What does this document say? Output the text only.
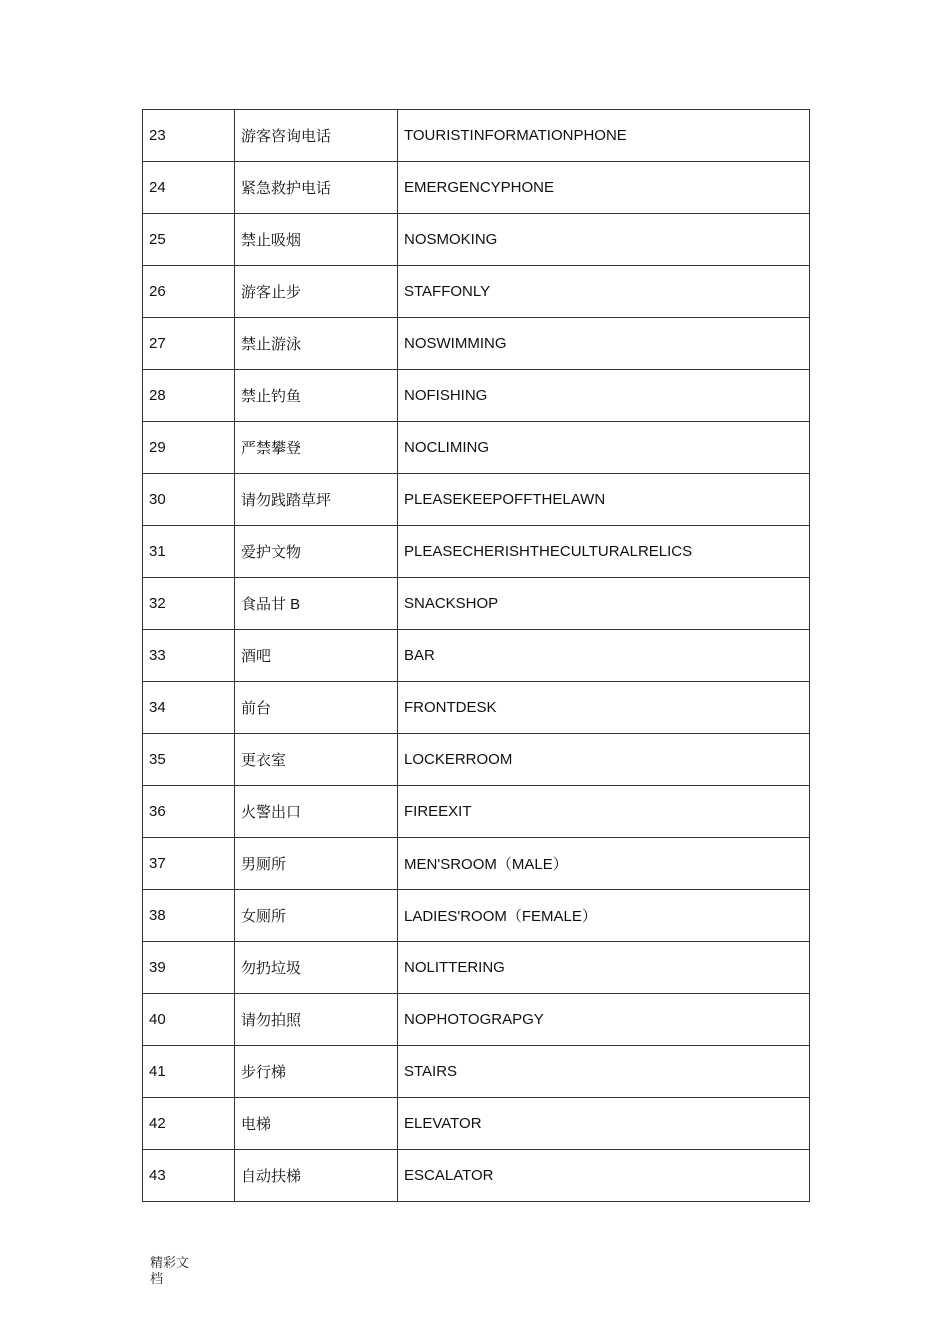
23	游客咨询电话	TOURISTINFORMATIONPHONE
24	紧急救护电话	EMERGENCYPHONE
25	禁止吸烟	NOSMOKING
26	游客止步	STAFFONLY
27	禁止游泳	NOSWIMMING
28	禁止钓鱼	NOFISHING
29	严禁攀登	NOCLIMING
30	请勿践踏草坪	PLEASEKEEPOFFTHELAWN
31	爱护文物	PLEASECHERISHTHECULTURALRELICS
32	食品甘 B	SNACKSHOP
33	酒吧	BAR
34	前台	FRONTDESK
35	更衣室	LOCKERROOM
36	火警出口	FIREEXIT
37	男厕所	MEN'SROOM（MALE）
38	女厕所	LADIES'ROOM（FEMALE）
39	勿扔垃圾	NOLITTERING
40	请勿拍照	NOPHOTOGRAPGY
41	步行梯	STAIRS
42	电梯	ELEVATOR
43	自动扶梯	ESCALATOR
精彩文
档
